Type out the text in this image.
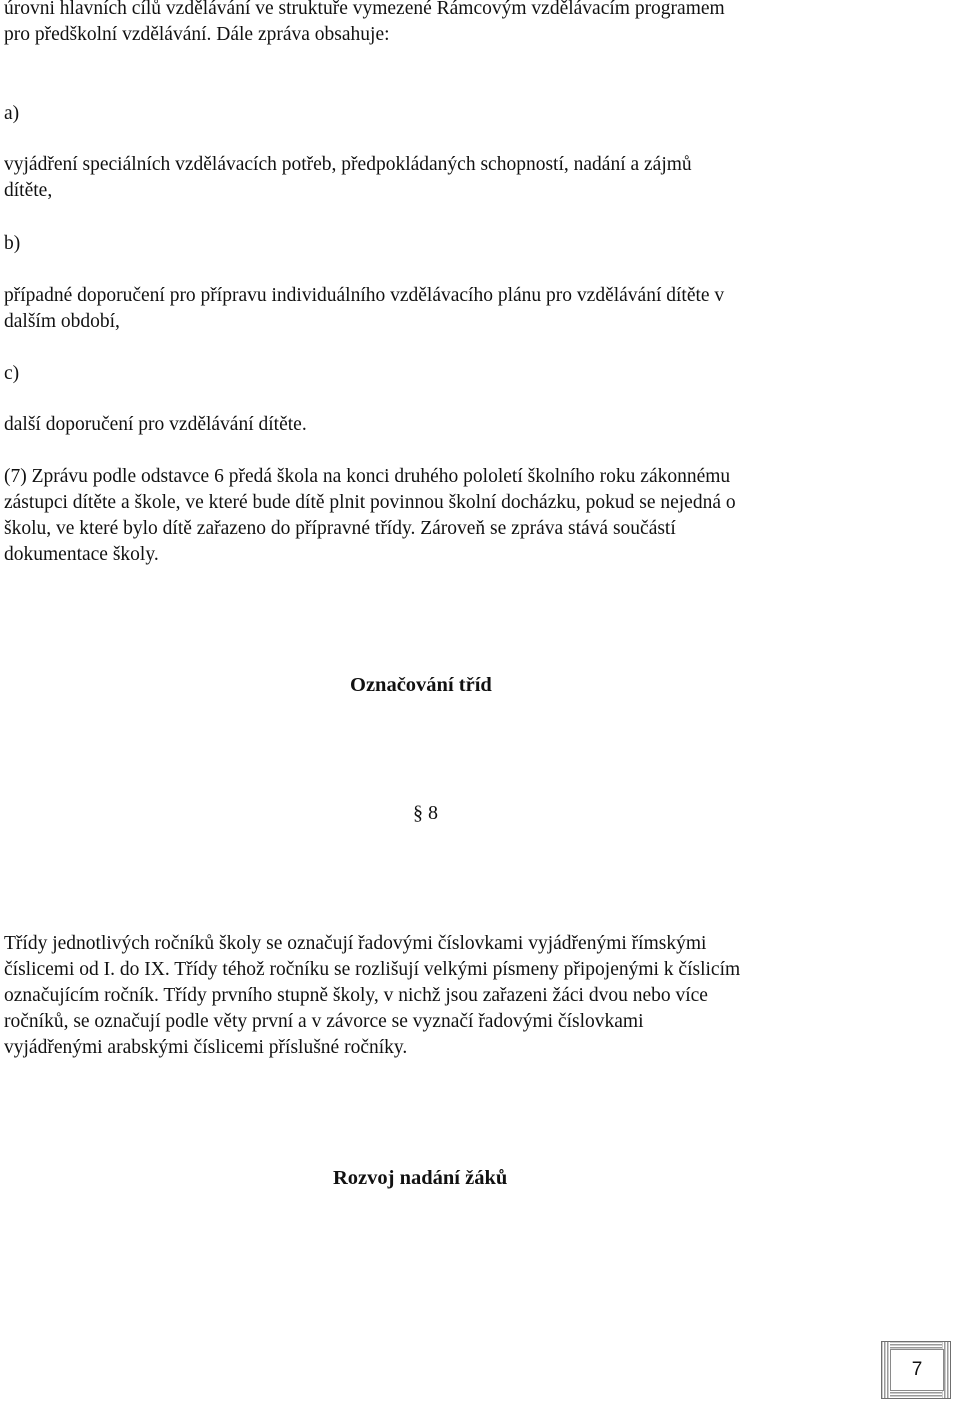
úrovni hlavních cílů vzdělávání ve struktuře vymezené Rámcovým vzdělávacím programem
pro předškolní vzdělávání. Dále zpráva obsahuje:
a)
vyjádření speciálních vzdělávacích potřeb, předpokládaných schopností, nadání a zájmů
dítěte,
b)
případné doporučení pro přípravu individuálního vzdělávacího plánu pro vzdělávání dítěte v
dalším období,
c)
další doporučení pro vzdělávání dítěte.
(7) Zprávu podle odstavce 6 předá škola na konci druhého pololetí školního roku zákonnému
zástupci dítěte a škole, ve které bude dítě plnit povinnou školní docházku, pokud se nejedná o
školu, ve které bylo dítě zařazeno do přípravné třídy. Zároveň se zpráva stává součástí
dokumentace školy.
Označování tříd
§ 8
Třídy jednotlivých ročníků školy se označují řadovými číslovkami vyjádřenými římskými
číslicemi od I. do IX. Třídy téhož ročníku se rozlišují velkými písmeny připojenými k číslicím
označujícím ročník. Třídy prvního stupně školy, v nichž jsou zařazeni žáci dvou nebo více
ročníků, se označují podle věty první a v závorce se vyznačí řadovými číslovkami
vyjádřenými arabskými číslicemi příslušné ročníky.
Rozvoj nadání žáků
7
